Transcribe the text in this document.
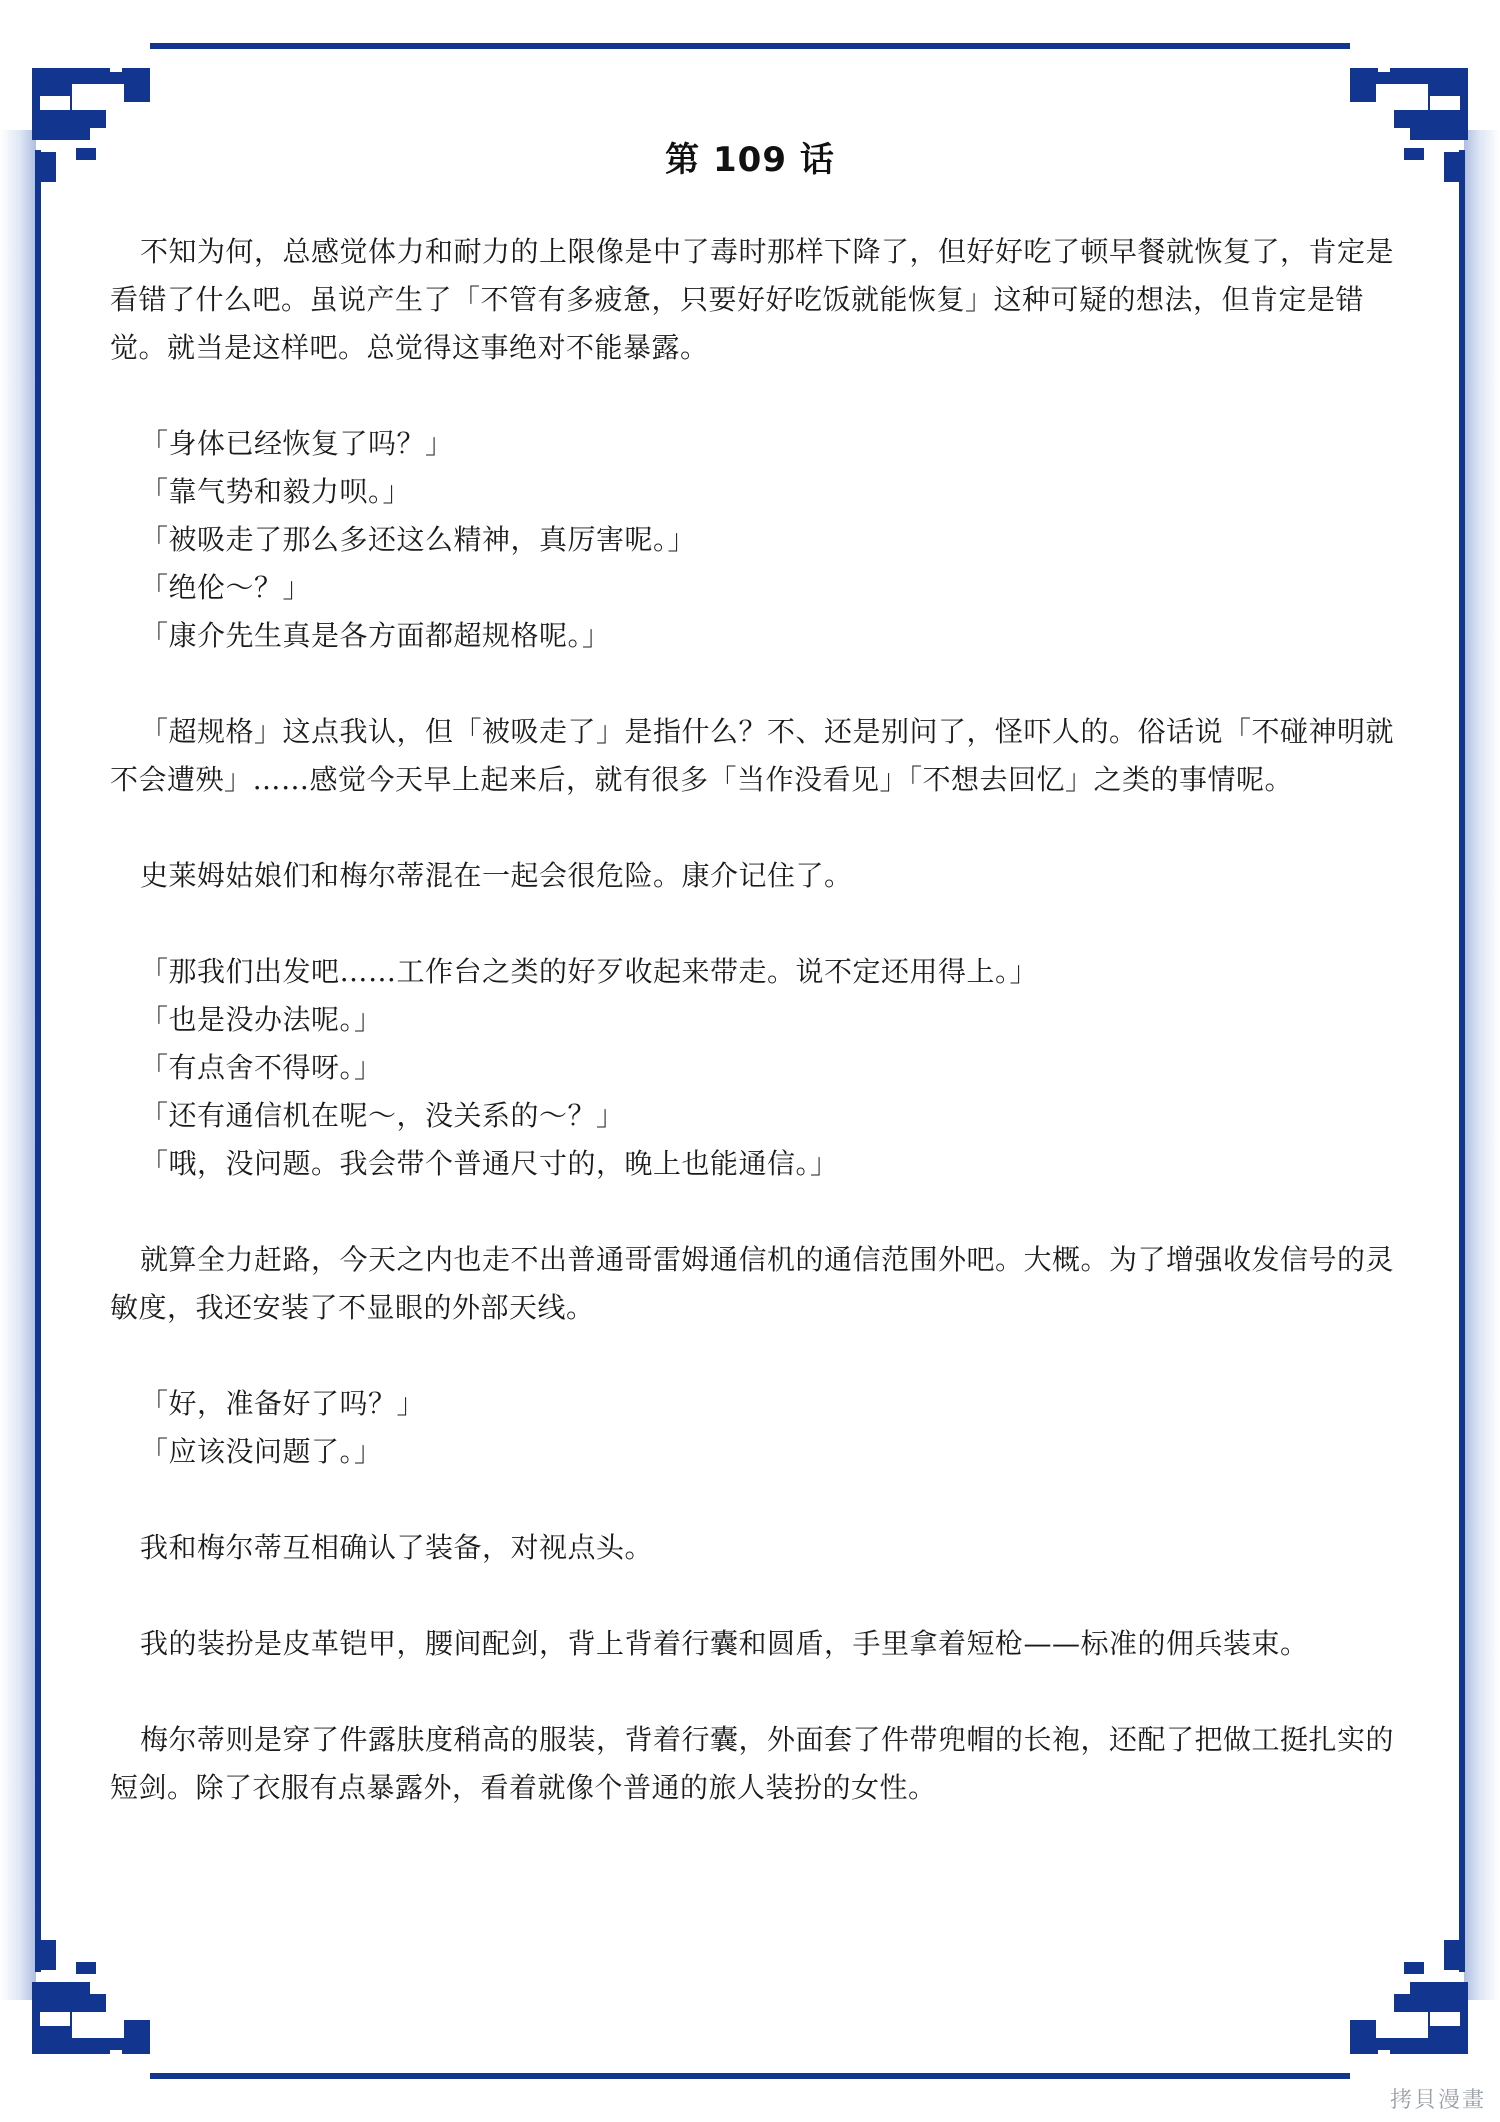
第 109 话

不知为何，总感觉体力和耐力的上限像是中了毒时那样下降了，但好好吃了顿早餐就恢复了，肯定是看错了什么吧。虽说产生了「不管有多疲惫，只要好好吃饭就能恢复」这种可疑的想法，但肯定是错觉。就当是这样吧。总觉得这事绝对不能暴露。

「身体已经恢复了吗？」

「靠气势和毅力呗。」

「被吸走了那么多还这么精神，真厉害呢。」

「绝伦～？」

「康介先生真是各方面都超规格呢。」

「超规格」这点我认，但「被吸走了」是指什么？不、还是别问了，怪吓人的。俗话说「不碰神明就不会遭殃」……感觉今天早上起来后，就有很多「当作没看见」「不想去回忆」之类的事情呢。

史莱姆姑娘们和梅尔蒂混在一起会很危险。康介记住了。

「那我们出发吧……工作台之类的好歹收起来带走。说不定还用得上。」

「也是没办法呢。」

「有点舍不得呀。」

「还有通信机在呢～，没关系的～？」

「哦，没问题。我会带个普通尺寸的，晚上也能通信。」

就算全力赶路，今天之内也走不出普通哥雷姆通信机的通信范围外吧。大概。为了增强收发信号的灵敏度，我还安装了不显眼的外部天线。

「好，准备好了吗？」

「应该没问题了。」

我和梅尔蒂互相确认了装备，对视点头。

我的装扮是皮革铠甲，腰间配剑，背上背着行囊和圆盾，手里拿着短枪——标准的佣兵装束。

梅尔蒂则是穿了件露肤度稍高的服装，背着行囊，外面套了件带兜帽的长袍，还配了把做工挺扎实的短剑。除了衣服有点暴露外，看着就像个普通的旅人装扮的女性。

拷貝漫畫
